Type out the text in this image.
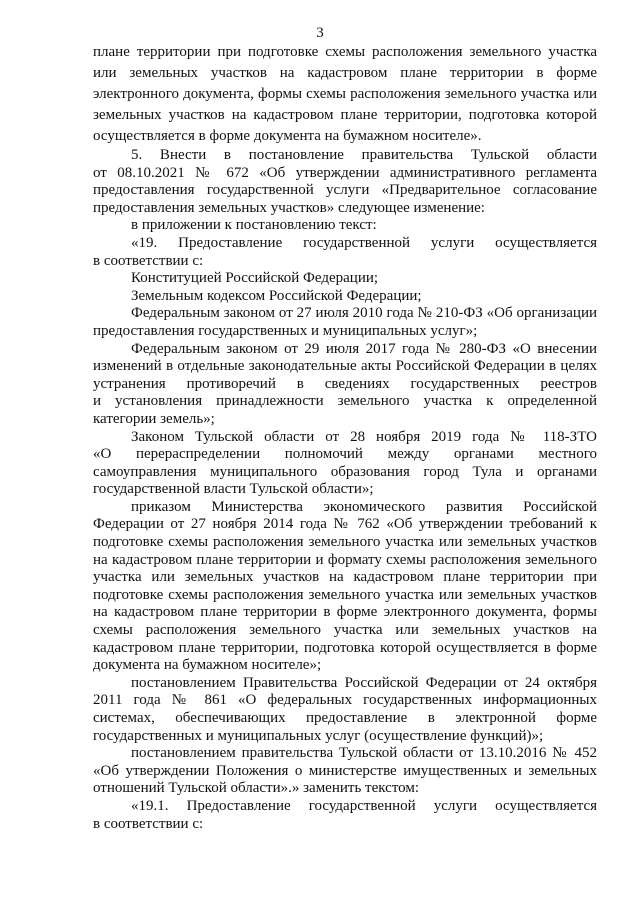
3
плане территории при подготовке схемы расположения земельного участка
или земельных участков на кадастровом плане территории в форме
электронного документа, формы схемы расположения земельного участка или
земельных участков на кадастровом плане территории, подготовка которой
осуществляется в форме документа на бумажном носителе».
5. Внести в постановление правительства Тульской области
от 08.10.2021 № 672 «Об утверждении административного регламента
предоставления государственной услуги «Предварительное согласование
предоставления земельных участков» следующее изменение:
в приложении к постановлению текст:
«19. Предоставление государственной услуги осуществляется
в соответствии с:
Конституцией Российской Федерации;
Земельным кодексом Российской Федерации;
Федеральным законом от 27 июля 2010 года № 210-ФЗ «Об организации
предоставления государственных и муниципальных услуг»;
Федеральным законом от 29 июля 2017 года № 280-ФЗ «О внесении
изменений в отдельные законодательные акты Российской Федерации в целях
устранения противоречий в сведениях государственных реестров
и установления принадлежности земельного участка к определенной
категории земель»;
Законом Тульской области от 28 ноября 2019 года № 118-ЗТО
«О перераспределении полномочий между органами местного
самоуправления муниципального образования город Тула и органами
государственной власти Тульской области»;
приказом Министерства экономического развития Российской
Федерации от 27 ноября 2014 года № 762 «Об утверждении требований к
подготовке схемы расположения земельного участка или земельных участков
на кадастровом плане территории и формату схемы расположения земельного
участка или земельных участков на кадастровом плане территории при
подготовке схемы расположения земельного участка или земельных участков
на кадастровом плане территории в форме электронного документа, формы
схемы расположения земельного участка или земельных участков на
кадастровом плане территории, подготовка которой осуществляется в форме
документа на бумажном носителе»;
постановлением Правительства Российской Федерации от 24 октября
2011 года № 861 «О федеральных государственных информационных
системах, обеспечивающих предоставление в электронной форме
государственных и муниципальных услуг (осуществление функций)»;
постановлением правительства Тульской области от 13.10.2016 № 452
«Об утверждении Положения о министерстве имущественных и земельных
отношений Тульской области».» заменить текстом:
«19.1. Предоставление государственной услуги осуществляется
в соответствии с:
